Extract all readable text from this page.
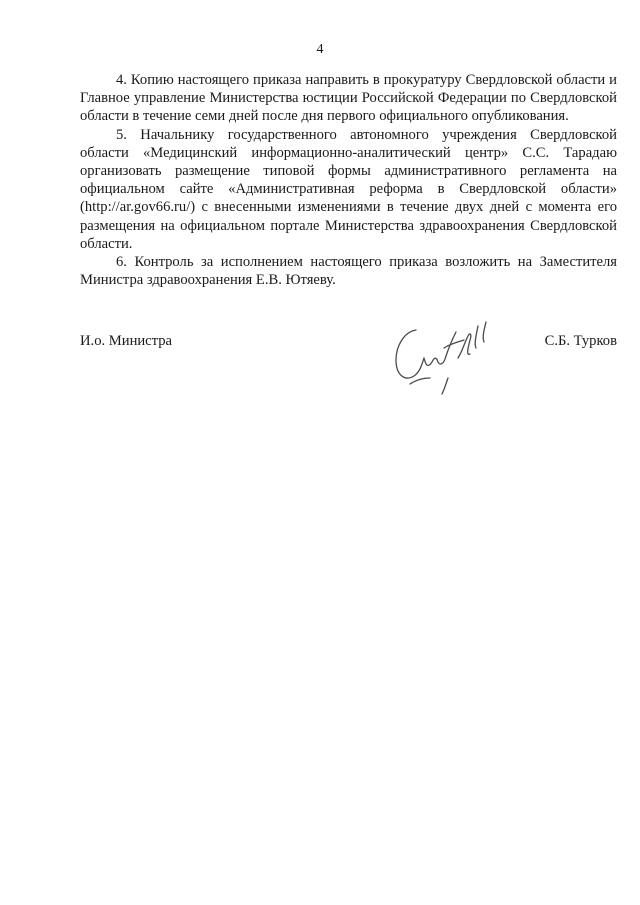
4

4. Копию настоящего приказа направить в прокуратуру Свердловской области и Главное управление Министерства юстиции Российской Федерации по Свердловской области в течение семи дней после дня первого официального опубликования.

5. Начальнику государственного автономного учреждения Свердловской области «Медицинский информационно-аналитический центр» С.С. Тарадаю организовать размещение типовой формы административного регламента на официальном сайте «Административная реформа в Свердловской области» (http://ar.gov66.ru/) с внесенными изменениями в течение двух дней с момента его размещения на официальном портале Министерства здравоохранения Свердловской области.

6. Контроль за исполнением настоящего приказа возложить на Заместителя Министра здравоохранения Е.В. Ютяеву.

И.о. Министра	С.Б. Турков
